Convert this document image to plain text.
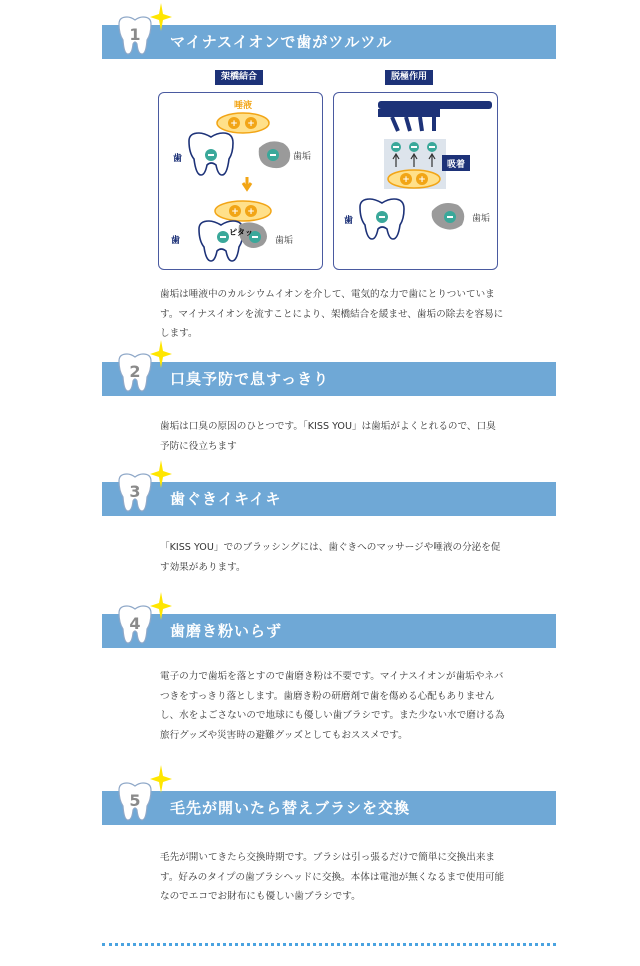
1 マイナスイオンで歯がツルツル
架橋結合	脱極作用
唾液
+ +
歯	歯垢
+ +
ピタッ
歯	歯垢
吸着
+ +
歯	歯垢
歯垢は唾液中のカルシウムイオンを介して、電気的な力で歯にとりついています。マイナスイオンを流すことにより、架橋結合を緩ませ、歯垢の除去を容易にします。
2 口臭予防で息すっきり
歯垢は口臭の原因のひとつです。「KISS YOU」は歯垢がよくとれるので、口臭予防に役立ちます
3 歯ぐきイキイキ
「KISS YOU」でのブラッシングには、歯ぐきへのマッサージや唾液の分泌を促す効果があります。
4 歯磨き粉いらず
電子の力で歯垢を落とすので歯磨き粉は不要です。マイナスイオンが歯垢やネバつきをすっきり落とします。歯磨き粉の研磨剤で歯を傷める心配もありませんし、水をよごさないので地球にも優しい歯ブラシです。また少ない水で磨ける為旅行グッズや災害時の避難グッズとしてもおススメです。
5 毛先が開いたら替えブラシを交換
毛先が開いてきたら交換時期です。ブラシは引っ張るだけで簡単に交換出来ます。好みのタイプの歯ブラシヘッドに交換。本体は電池が無くなるまで使用可能なのでエコでお財布にも優しい歯ブラシです。
